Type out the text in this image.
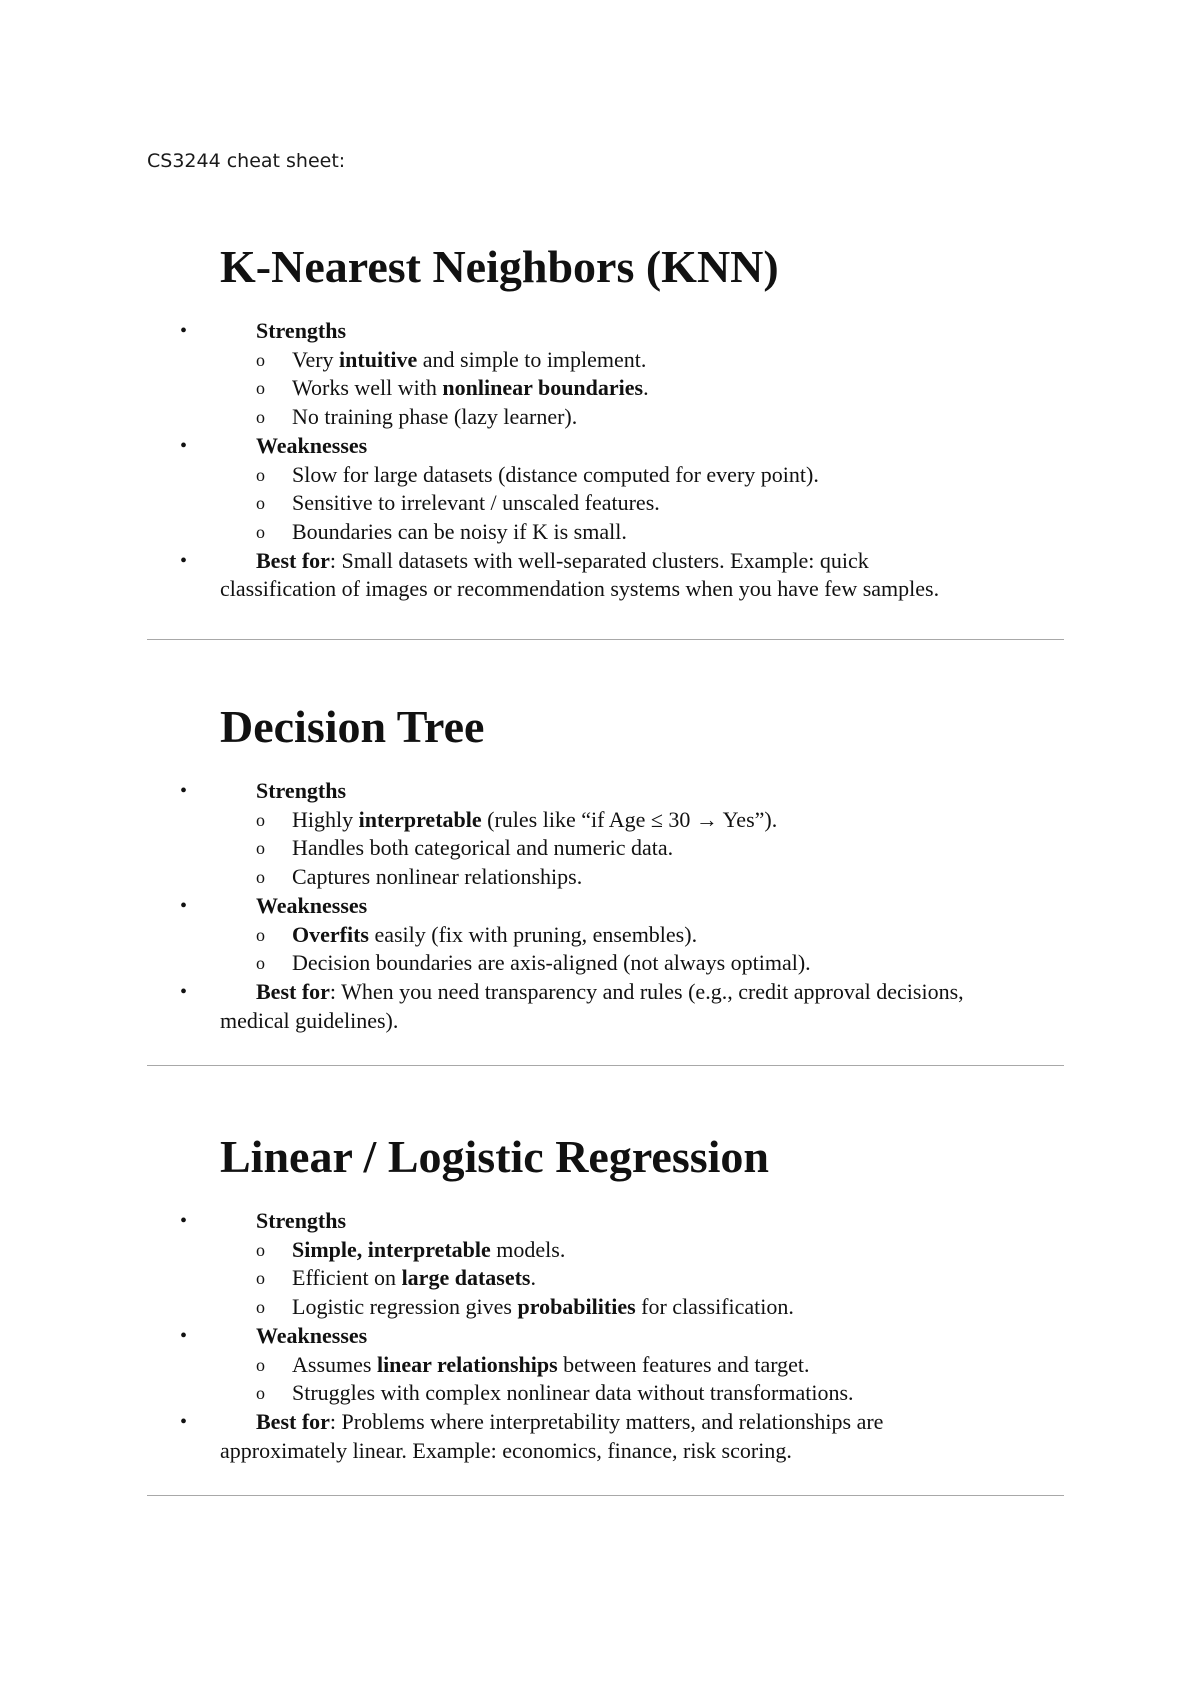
CS3244 cheat sheet:
K-Nearest Neighbors (KNN)
•	Strengths
o Very intuitive and simple to implement.
o Works well with nonlinear boundaries.
o No training phase (lazy learner).
•	Weaknesses
o Slow for large datasets (distance computed for every point).
o Sensitive to irrelevant / unscaled features.
o Boundaries can be noisy if K is small.
•	Best for: Small datasets with well-separated clusters. Example: quick
classification of images or recommendation systems when you have few samples.
Decision Tree
•	Strengths
o Highly interpretable (rules like “if Age ≤ 30 → Yes”).
o Handles both categorical and numeric data.
o Captures nonlinear relationships.
•	Weaknesses
o Overfits easily (fix with pruning, ensembles).
o Decision boundaries are axis-aligned (not always optimal).
•	Best for: When you need transparency and rules (e.g., credit approval decisions,
medical guidelines).
Linear / Logistic Regression
•	Strengths
o Simple, interpretable models.
o Efficient on large datasets.
o Logistic regression gives probabilities for classification.
•	Weaknesses
o Assumes linear relationships between features and target.
o Struggles with complex nonlinear data without transformations.
•	Best for: Problems where interpretability matters, and relationships are
approximately linear. Example: economics, finance, risk scoring.
